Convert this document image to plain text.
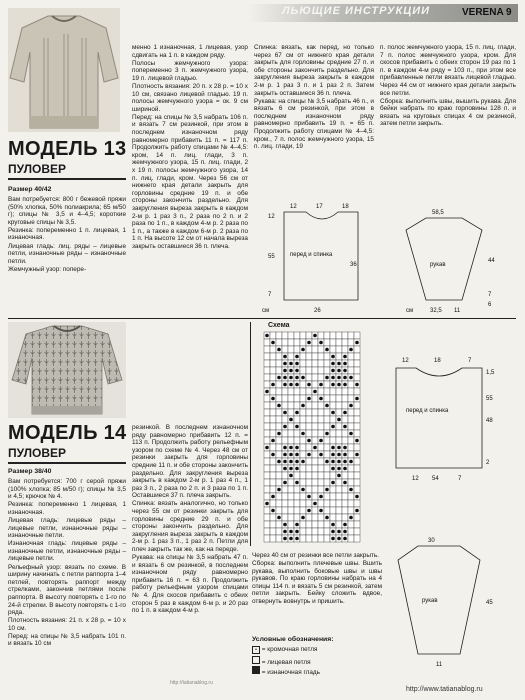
ЛЬЮЩИЕ ИНСТРУКЦИИ	VERENA 9
МОДЕЛЬ 13
ПУЛОВЕР
Размер 40/42

Вам потребуется: 800 г бежевой пряжи (50% хлопка, 50% полиакрила; 65 м/50 г); спицы № 3,5 и 4–4,5; короткие круговые спицы № 3,5.

Резинка: попеременно 1 п. лицевая, 1 изнаночная.

Лицевая гладь: лиц. ряды – лицевые петли, изнаночные ряды – изнаночные петли.

Жемчужный узор: попере-

менно 1 изнаночная, 1 лицевая, узор сдвигать на 1 п. в каждом ряду.

Полосы жемчужного узора: попеременно 3 п. жемчужного узора, 19 п. лицевой гладью.

Плотность вязания: 20 п. х 28 р. = 10 х 10 см, связано лицевой гладью. 19 п. полосы жемчужного узора = ок. 9 см шириной.

Перед: на спицы № 3,5 набрать 106 п. и вязать 7 см резинкой, при этом в последнем изнаночном ряду равномерно прибавить 11 п. = 117 п. Продолжить работу спицами № 4–4,5: кром, 14 п. лиц. глади, 3 п. жемчужного узора, 15 п. лиц. глади, 2 х 19 п. полосы жемчужного узора, 14 п. лиц. глади, кром. Через 56 см от нижнего края детали закрыть для горловины средние 19 п. и обе стороны закончить раздельно. Для закругления выреза закрыть в каждом 2-м р. 1 раз 3 п., 2 раза по 2 п. и 2 раза по 1 п., в каждом 4-м р. 2 раза по 1 п., а также в каждом 6-м р. 2 раза по 1 п. На высоте 12 см от начала выреза закрыть оставшиеся 36 п. плеча.

Спинка: вязать, как перед, но только через 67 см от нижнего края детали закрыть для горловины средние 27 п. и обе стороны закончить раздельно. Для закругления выреза закрыть в каждом 2-м р. 1 раз 3 п. и 1 раз 2 п. Затем закрыть оставшиеся 36 п. плеча.

Рукава: на спицы № 3,5 набрать 46 п., и вязать 6 см резинкой, при этом в последнем изнаночном ряду равномерно прибавить 19 п. = 65 п. Продолжить работу спицами № 4–4,5: кром., 7 п. полос жемчужного узора, 15 п. лиц. глади, 19

п. полос жемчужного узора, 15 п. лиц. глади, 7 п. полос жемчужного узора, кром. Для скосов прибавить с обеих сторон 19 раз по 1 п. в каждом 4-м ряду = 103 п., при этом все прибавленные петли вязать лицевой гладью. Через 44 см от нижнего края детали закрыть все петли.

Сборка: выполнить швы, вышить рукава. Для бейки набрать по краю горловины 128 п. и вязать на круговых спицах 4 см резинкой, затем петли закрыть.

перед и спинка
рукав
12	17	18
12
55
36
44
7
26
7
6
58,5
32,5 11
см	см
МОДЕЛЬ 14
ПУЛОВЕР
Размер 38/40

Вам потребуется: 700 г серой пряжи (100% хлопка; 85 м/50 г); спицы № 3,5 и 4,5; крючок № 4.

Резинка: попеременно 1 лицевая, 1 изнаночная.

Лицевая гладь: лицевые ряды – лицевые петли, изнаночные ряды – изнаночные петли.

Изнаночная гладь: лицевые ряды – изнаночные петли, изнаночные ряды – лицевые петли.

Рельефный узор: вязать по схеме. В ширину начинать с петли раппорта 1–4 петлей, повторять раппорт между стрелками, закончив петлями после раппорта. В высоту повторять с 1-го по 24-й стрелки. В высоту повторять с 1-го ряда.

Плотность вязания: 21 п. х 28 р. = 10 х 10 см.

Перед: на спицы № 3,5 набрать 101 п. и вязать 10 см

резинкой. В последнем изнаночном ряду равномерно прибавить 12 п. = 113 п. Продолжить работу рельефным узором по схеме № 4. Через 48 см от резинки закрыть для горловины средние 11 п. и обе стороны закончить раздельно. Для закругления выреза закрыть в каждом 2-м р. 1 раз 4 п., 1 раз 3 п., 2 раза по 2 п. и 3 раза по 1 п. Оставшиеся 37 п. плеча закрыть.

Спинка: вязать аналогично, но только через 55 см от резинки закрыть для горловины средние 29 п. и обе стороны закончить раздельно. Для закругления выреза закрыть в каждом 2-м р. 1 раз 3 п., 1 раз 2 п. Петли для плеч закрыть так же, как на переде.

Рукава: на спицы № 3,5 набрать 47 п. и вязать 6 см резинкой, в последнем изнаночном ряду равномерно прибавить 16 п. = 63 п. Продолжить работу рельефным узором спицами № 4. Для скосов прибавить с обеих сторон 5 раз в каждом 6-м р. и 20 раз по 1 п. в каждом 4-м р.

Схема
перед и спинка
рукав
12	18	7
1,5
55
48
45
2
12	7
54
30
11

Через 40 см от резинки все петли закрыть.

Сборка: выполнить плечевые швы. Вшить рукава, выполнить боковые швы и швы рукавов. По краю горловины набрать на 4 спицы 114 п. и вязать 5 см резинкой, затем петли закрыть. Бейку сложить вдвое, отвернуть вовнутрь и пришить.

Условные обозначения:
• = кромочная петля
= лицевая петля
= изнаночная гладь
http://tatianablog.ru
http://www.tatianablog.ru
